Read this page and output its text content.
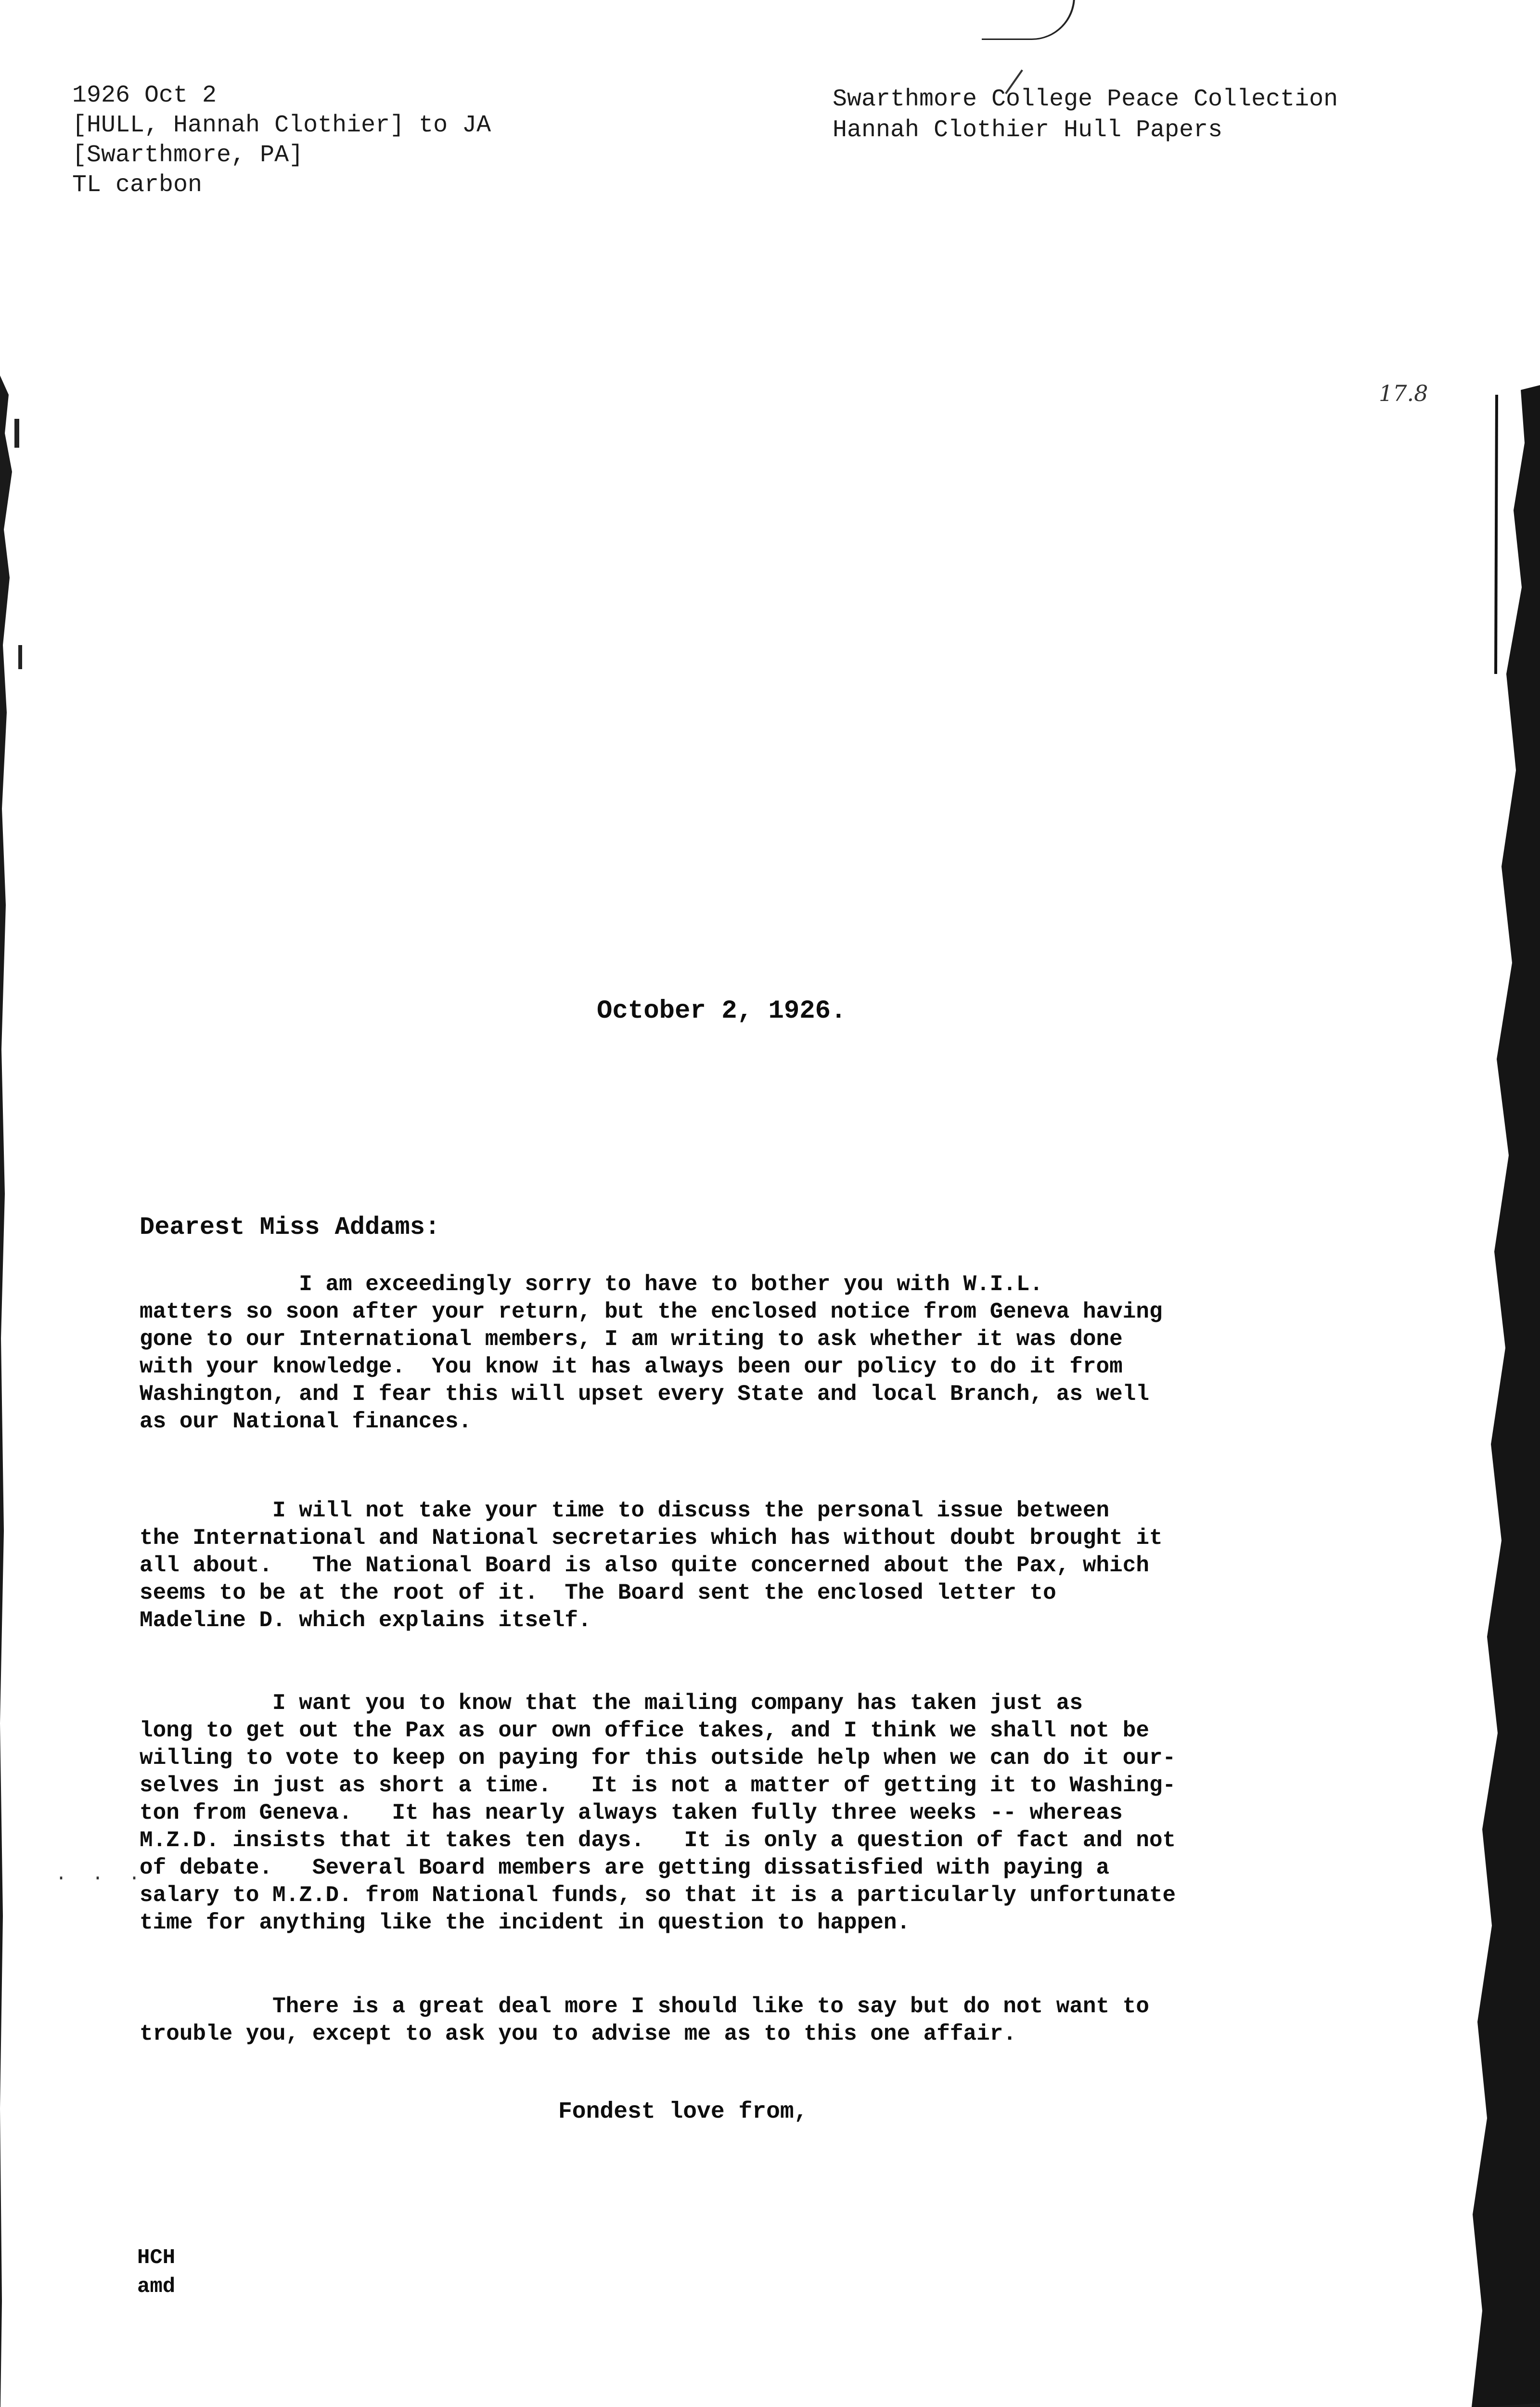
1926 Oct 2
[HULL, Hannah Clothier] to JA
[Swarthmore, PA]
TL carbon
Swarthmore College Peace Collection
Hannah Clothier Hull Papers
17.8
October 2, 1926.
Dearest Miss Addams:
I am exceedingly sorry to have to bother you with W.I.L.
matters so soon after your return, but the enclosed notice from Geneva having
gone to our International members, I am writing to ask whether it was done
with your knowledge.  You know it has always been our policy to do it from
Washington, and I fear this will upset every State and local Branch, as well
as our National finances.
I will not take your time to discuss the personal issue between
the International and National secretaries which has without doubt brought it
all about.   The National Board is also quite concerned about the Pax, which
seems to be at the root of it.  The Board sent the enclosed letter to
Madeline D. which explains itself.
I want you to know that the mailing company has taken just as
long to get out the Pax as our own office takes, and I think we shall not be
willing to vote to keep on paying for this outside help when we can do it our-
selves in just as short a time.   It is not a matter of getting it to Washing-
ton from Geneva.   It has nearly always taken fully three weeks -- whereas
M.Z.D. insists that it takes ten days.   It is only a question of fact and not
of debate.   Several Board members are getting dissatisfied with paying a
salary to M.Z.D. from National funds, so that it is a particularly unfortunate
time for anything like the incident in question to happen.
There is a great deal more I should like to say but do not want to
trouble you, except to ask you to advise me as to this one affair.
Fondest love from,
HCH
amd
· · ·
